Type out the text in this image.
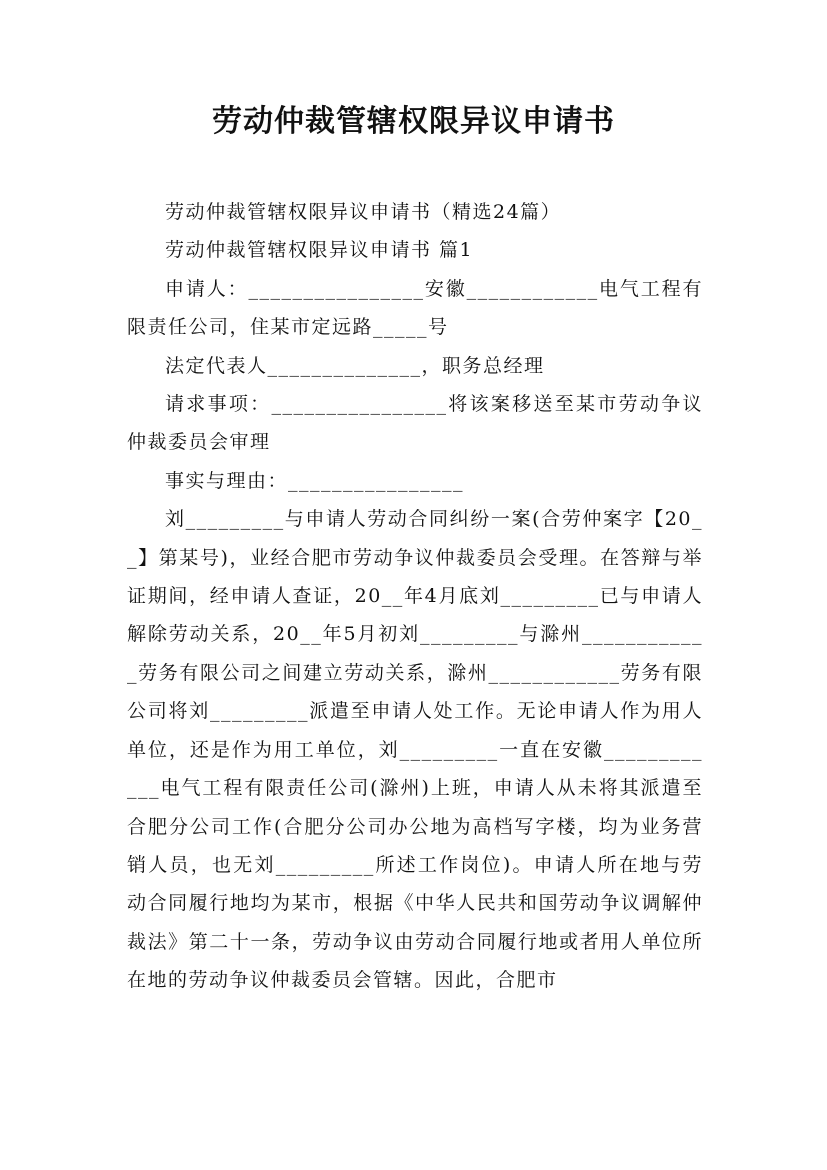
劳动仲裁管辖权限异议申请书

劳动仲裁管辖权限异议申请书（精选24篇）

劳动仲裁管辖权限异议申请书 篇1

申请人：________________安徽____________电气工程有限责任公司，住某市定远路_____号

法定代表人______________，职务总经理

请求事项：________________将该案移送至某市劳动争议仲裁委员会审理

事实与理由：________________

刘_________与申请人劳动合同纠纷一案(合劳仲案字【20__】第某号)，业经合肥市劳动争议仲裁委员会受理。在答辩与举证期间，经申请人查证，20__年4月底刘_________已与申请人解除劳动关系，20__年5月初刘_________与滁州____________劳务有限公司之间建立劳动关系，滁州____________劳务有限公司将刘_________派遣至申请人处工作。无论申请人作为用人单位，还是作为用工单位，刘_________一直在安徽____________电气工程有限责任公司(滁州)上班，申请人从未将其派遣至合肥分公司工作(合肥分公司办公地为高档写字楼，均为业务营销人员，也无刘_________所述工作岗位)。申请人所在地与劳动合同履行地均为某市，根据《中华人民共和国劳动争议调解仲裁法》第二十一条，劳动争议由劳动合同履行地或者用人单位所在地的劳动争议仲裁委员会管辖。因此，合肥市
